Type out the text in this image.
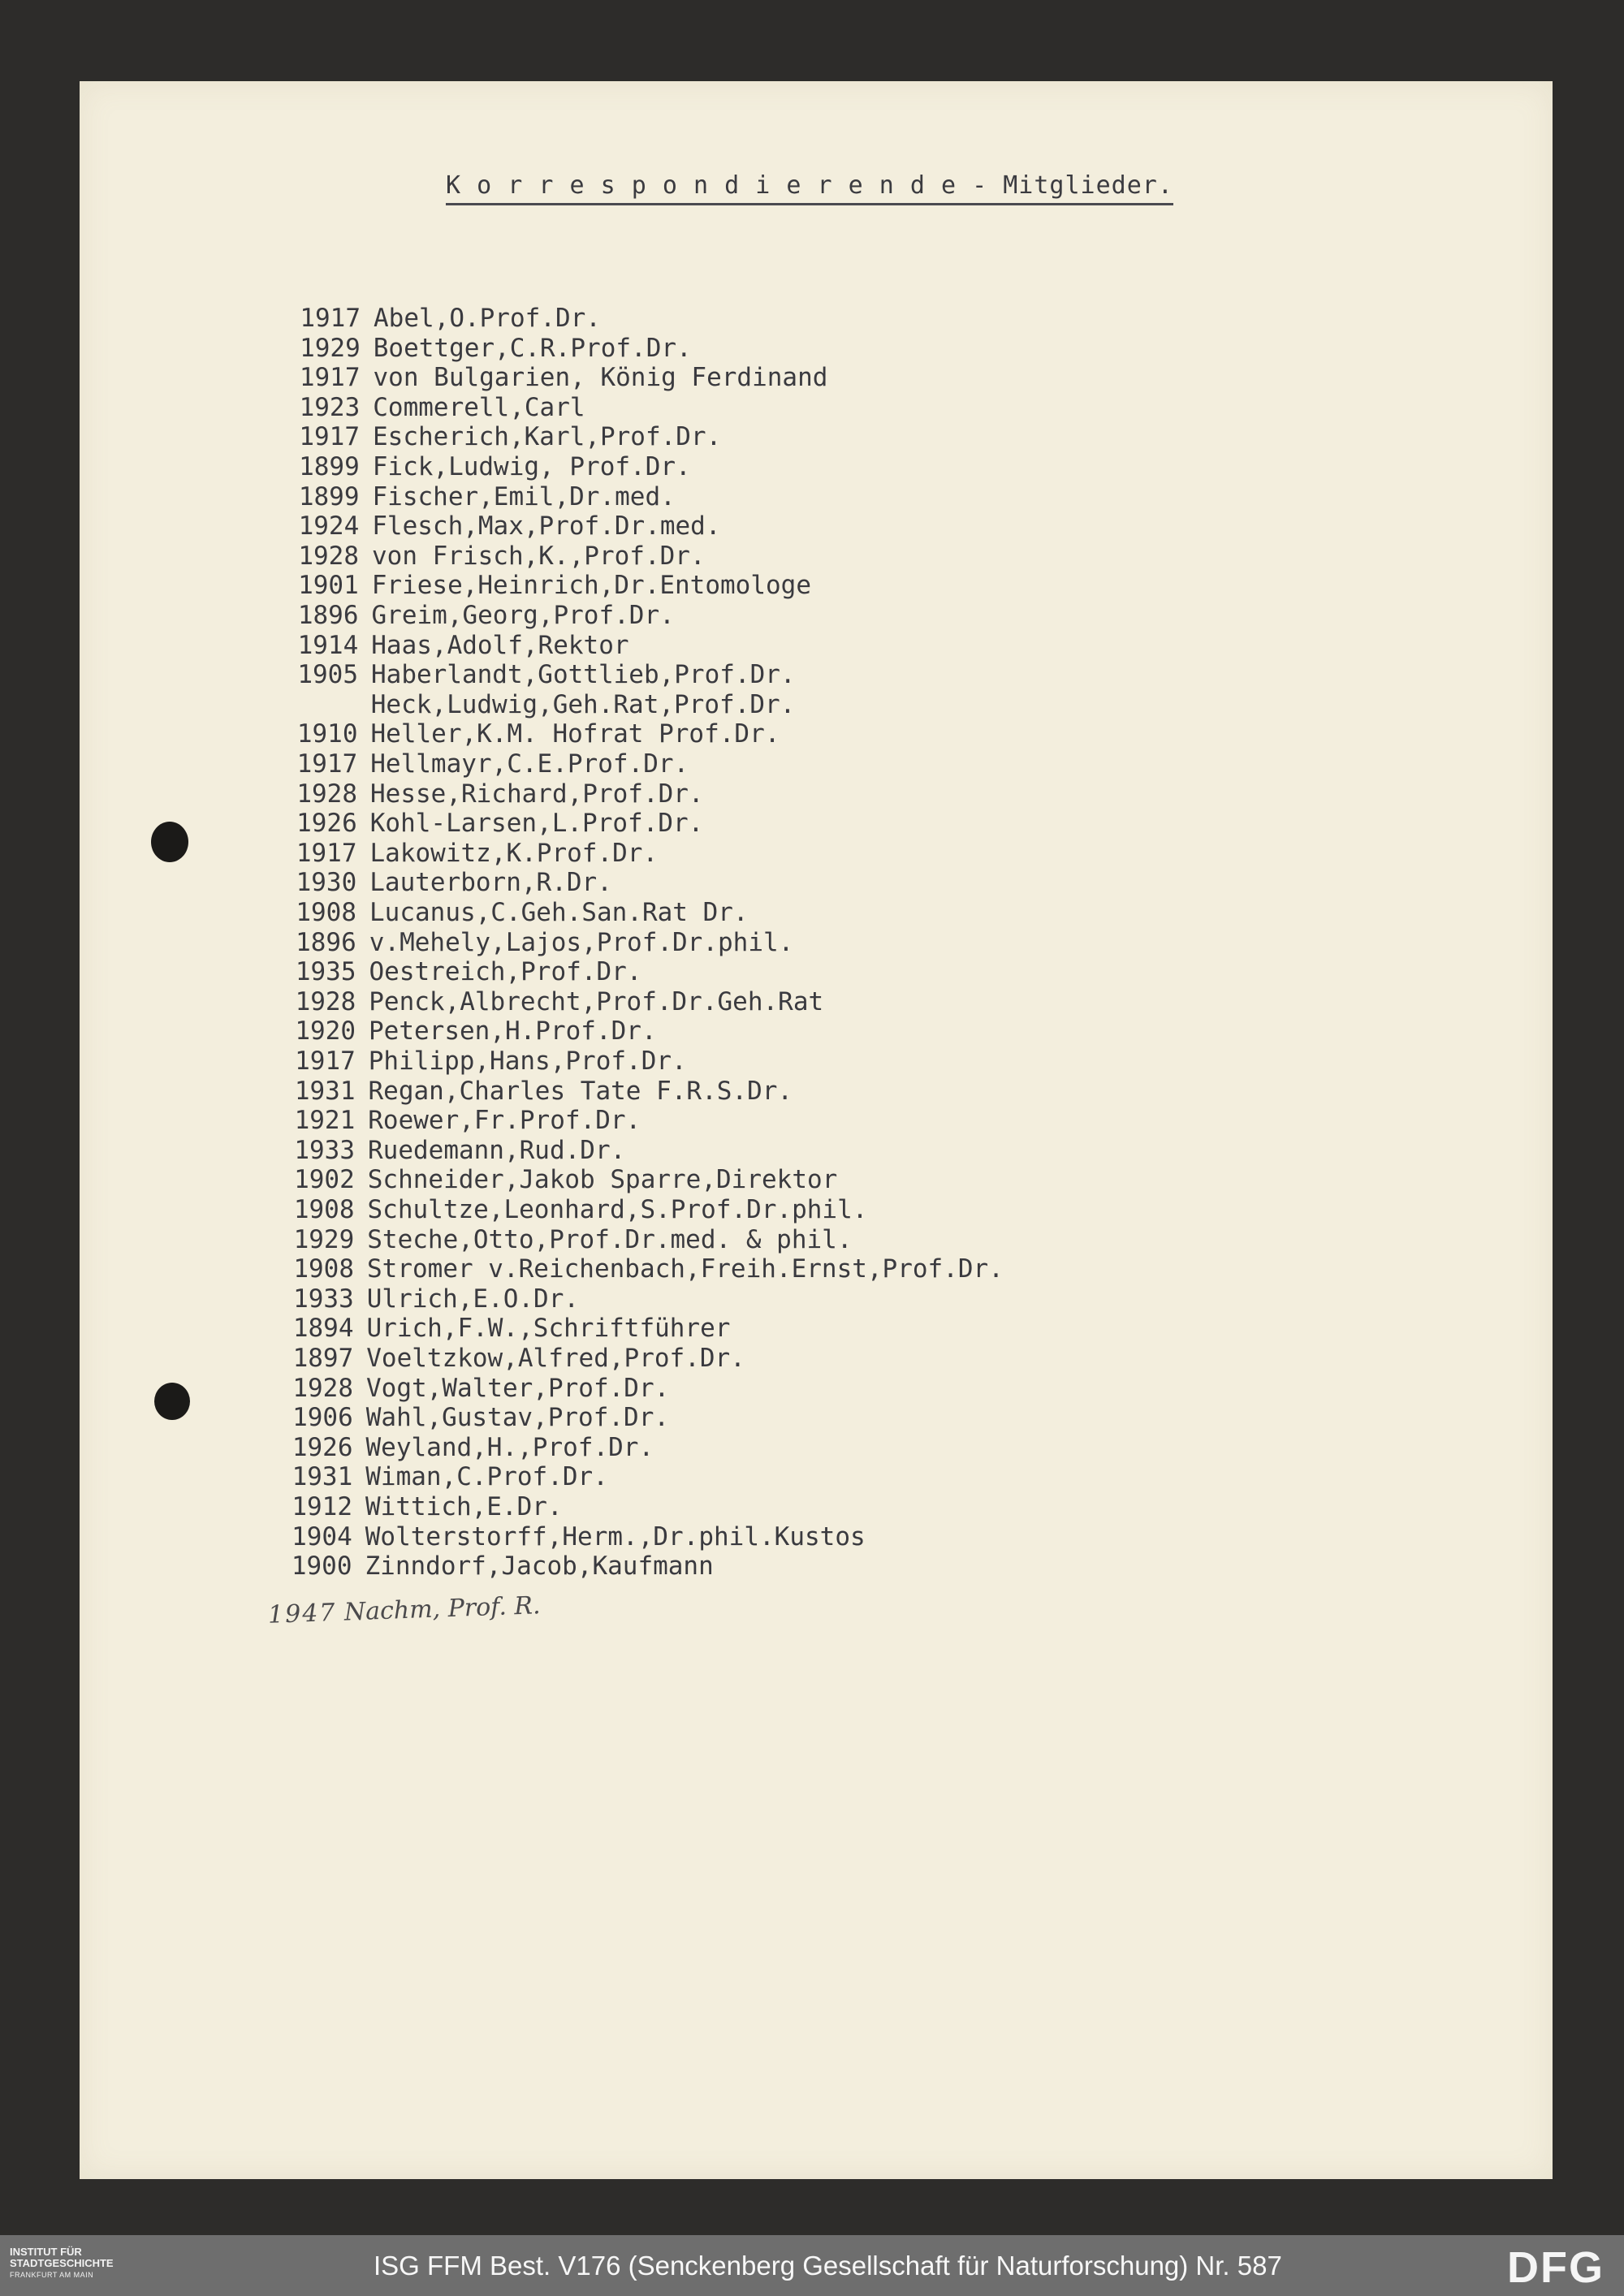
K o r r e s p o n d i e r e n d e - Mitglieder.
1917 Abel,O.Prof.Dr.
1929 Boettger,C.R.Prof.Dr.
1917 von Bulgarien, König Ferdinand
1923 Commerell,Carl
1917 Escherich,Karl,Prof.Dr.
1899 Fick,Ludwig, Prof.Dr.
1899 Fischer,Emil,Dr.med.
1924 Flesch,Max,Prof.Dr.med.
1928 von Frisch,K.,Prof.Dr.
1901 Friese,Heinrich,Dr.Entomologe
1896 Greim,Georg,Prof.Dr.
1914 Haas,Adolf,Rektor
1905 Haberlandt,Gottlieb,Prof.Dr.
Heck,Ludwig,Geh.Rat,Prof.Dr.
1910 Heller,K.M. Hofrat Prof.Dr.
1917 Hellmayr,C.E.Prof.Dr.
1928 Hesse,Richard,Prof.Dr.
1926 Kohl-Larsen,L.Prof.Dr.
1917 Lakowitz,K.Prof.Dr.
1930 Lauterborn,R.Dr.
1908 Lucanus,C.Geh.San.Rat Dr.
1896 v.Mehely,Lajos,Prof.Dr.phil.
1935 Oestreich,Prof.Dr.
1928 Penck,Albrecht,Prof.Dr.Geh.Rat
1920 Petersen,H.Prof.Dr.
1917 Philipp,Hans,Prof.Dr.
1931 Regan,Charles Tate F.R.S.Dr.
1921 Roewer,Fr.Prof.Dr.
1933 Ruedemann,Rud.Dr.
1902 Schneider,Jakob Sparre,Direktor
1908 Schultze,Leonhard,S.Prof.Dr.phil.
1929 Steche,Otto,Prof.Dr.med. & phil.
1908 Stromer v.Reichenbach,Freih.Ernst,Prof.Dr.
1933 Ulrich,E.O.Dr.
1894 Urich,F.W.,Schriftführer
1897 Voeltzkow,Alfred,Prof.Dr.
1928 Vogt,Walter,Prof.Dr.
1906 Wahl,Gustav,Prof.Dr.
1926 Weyland,H.,Prof.Dr.
1931 Wiman,C.Prof.Dr.
1912 Wittich,E.Dr.
1904 Wolterstorff,Herm.,Dr.phil.Kustos
1900 Zinndorf,Jacob,Kaufmann
1947 Nachm, Prof. R.
INSTITUT FÜR
STADTGESCHICHTE
FRANKFURT AM MAIN	ISG FFM Best. V176 (Senckenberg Gesellschaft für Naturforschung) Nr. 587	DFG
